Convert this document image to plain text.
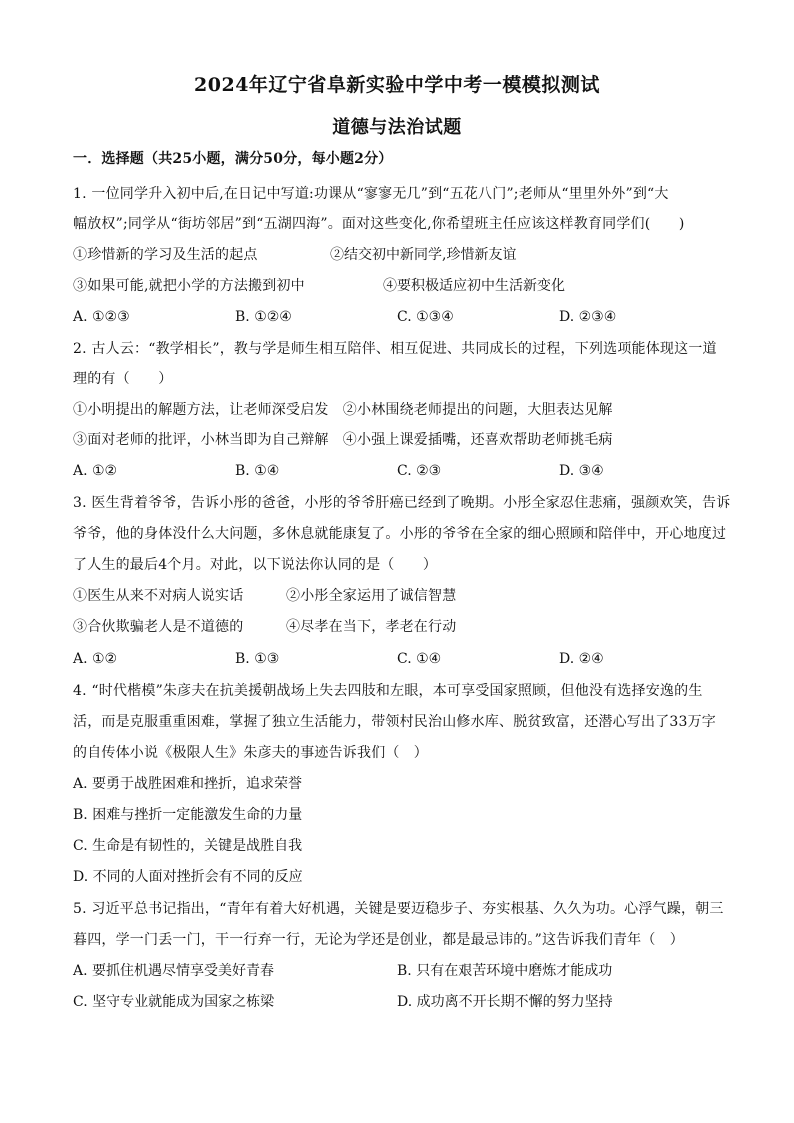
2024年辽宁省阜新实验中学中考一模模拟测试
道德与法治试题
一．选择题（共25小题，满分50分，每小题2分）
1. 一位同学升入初中后,在日记中写道:功课从“寥寥无几”到“五花八门”;老师从“里里外外”到“大
幅放权”;同学从“街坊邻居”到“五湖四海”。面对这些变化,你希望班主任应该这样教育同学们(　　)
①珍惜新的学习及生活的起点	②结交初中新同学,珍惜新友谊
③如果可能,就把小学的方法搬到初中	④要积极适应初中生活新变化
A. ①②③	B. ①②④	C. ①③④	D. ②③④
2. 古人云：“教学相长”，教与学是师生相互陪伴、相互促进、共同成长的过程，下列选项能体现这一道
理的有（　　）
①小明提出的解题方法，让老师深受启发　②小林围绕老师提出的问题，大胆表达见解
③面对老师的批评，小林当即为自己辩解　④小强上课爱插嘴，还喜欢帮助老师挑毛病
A. ①②	B. ①④	C. ②③	D. ③④
3. 医生背着爷爷，告诉小彤的爸爸，小彤的爷爷肝癌已经到了晚期。小彤全家忍住悲痛，强颜欢笑，告诉
爷爷，他的身体没什么大问题，多休息就能康复了。小彤的爷爷在全家的细心照顾和陪伴中，开心地度过
了人生的最后4个月。对此，以下说法你认同的是（　　）
①医生从来不对病人说实话　　　②小彤全家运用了诚信智慧
③合伙欺骗老人是不道德的　　　④尽孝在当下，孝老在行动
A. ①②	B. ①③	C. ①④	D. ②④
4. “时代楷模”朱彦夫在抗美援朝战场上失去四肢和左眼，本可享受国家照顾，但他没有选择安逸的生
活，而是克服重重困难，掌握了独立生活能力，带领村民治山修水库、脱贫致富，还潜心写出了33万字
的自传体小说《极限人生》朱彦夫的事迹告诉我们（　）
A. 要勇于战胜困难和挫折，追求荣誉
B. 困难与挫折一定能激发生命的力量
C. 生命是有韧性的，关键是战胜自我
D. 不同的人面对挫折会有不同的反应
5. 习近平总书记指出，“青年有着大好机遇，关键是要迈稳步子、夯实根基、久久为功。心浮气躁，朝三
暮四，学一门丢一门，干一行弃一行，无论为学还是创业，都是最忌讳的。”这告诉我们青年（　）
A. 要抓住机遇尽情享受美好青春	B. 只有在艰苦环境中磨炼才能成功
C. 坚守专业就能成为国家之栋梁	D. 成功离不开长期不懈的努力坚持
